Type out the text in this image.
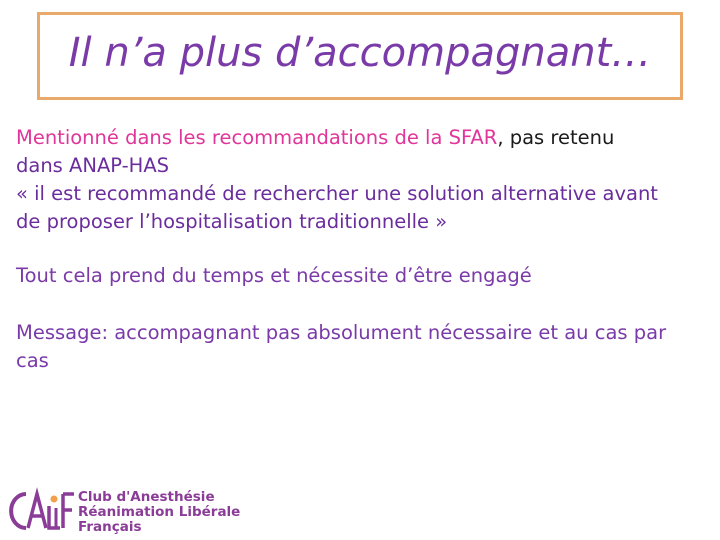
Il n’a plus d’accompagnant…

Mentionné dans les recommandations de la SFAR, pas retenu

dans ANAP-HAS

« il est recommandé de rechercher une solution alternative avant

de proposer l’hospitalisation traditionnelle »

Tout cela prend du temps et nécessite d’être engagé
Message: accompagnant pas absolument nécessaire et au cas par
cas
Club d'Anesthésie
Réanimation Libérale
Français
